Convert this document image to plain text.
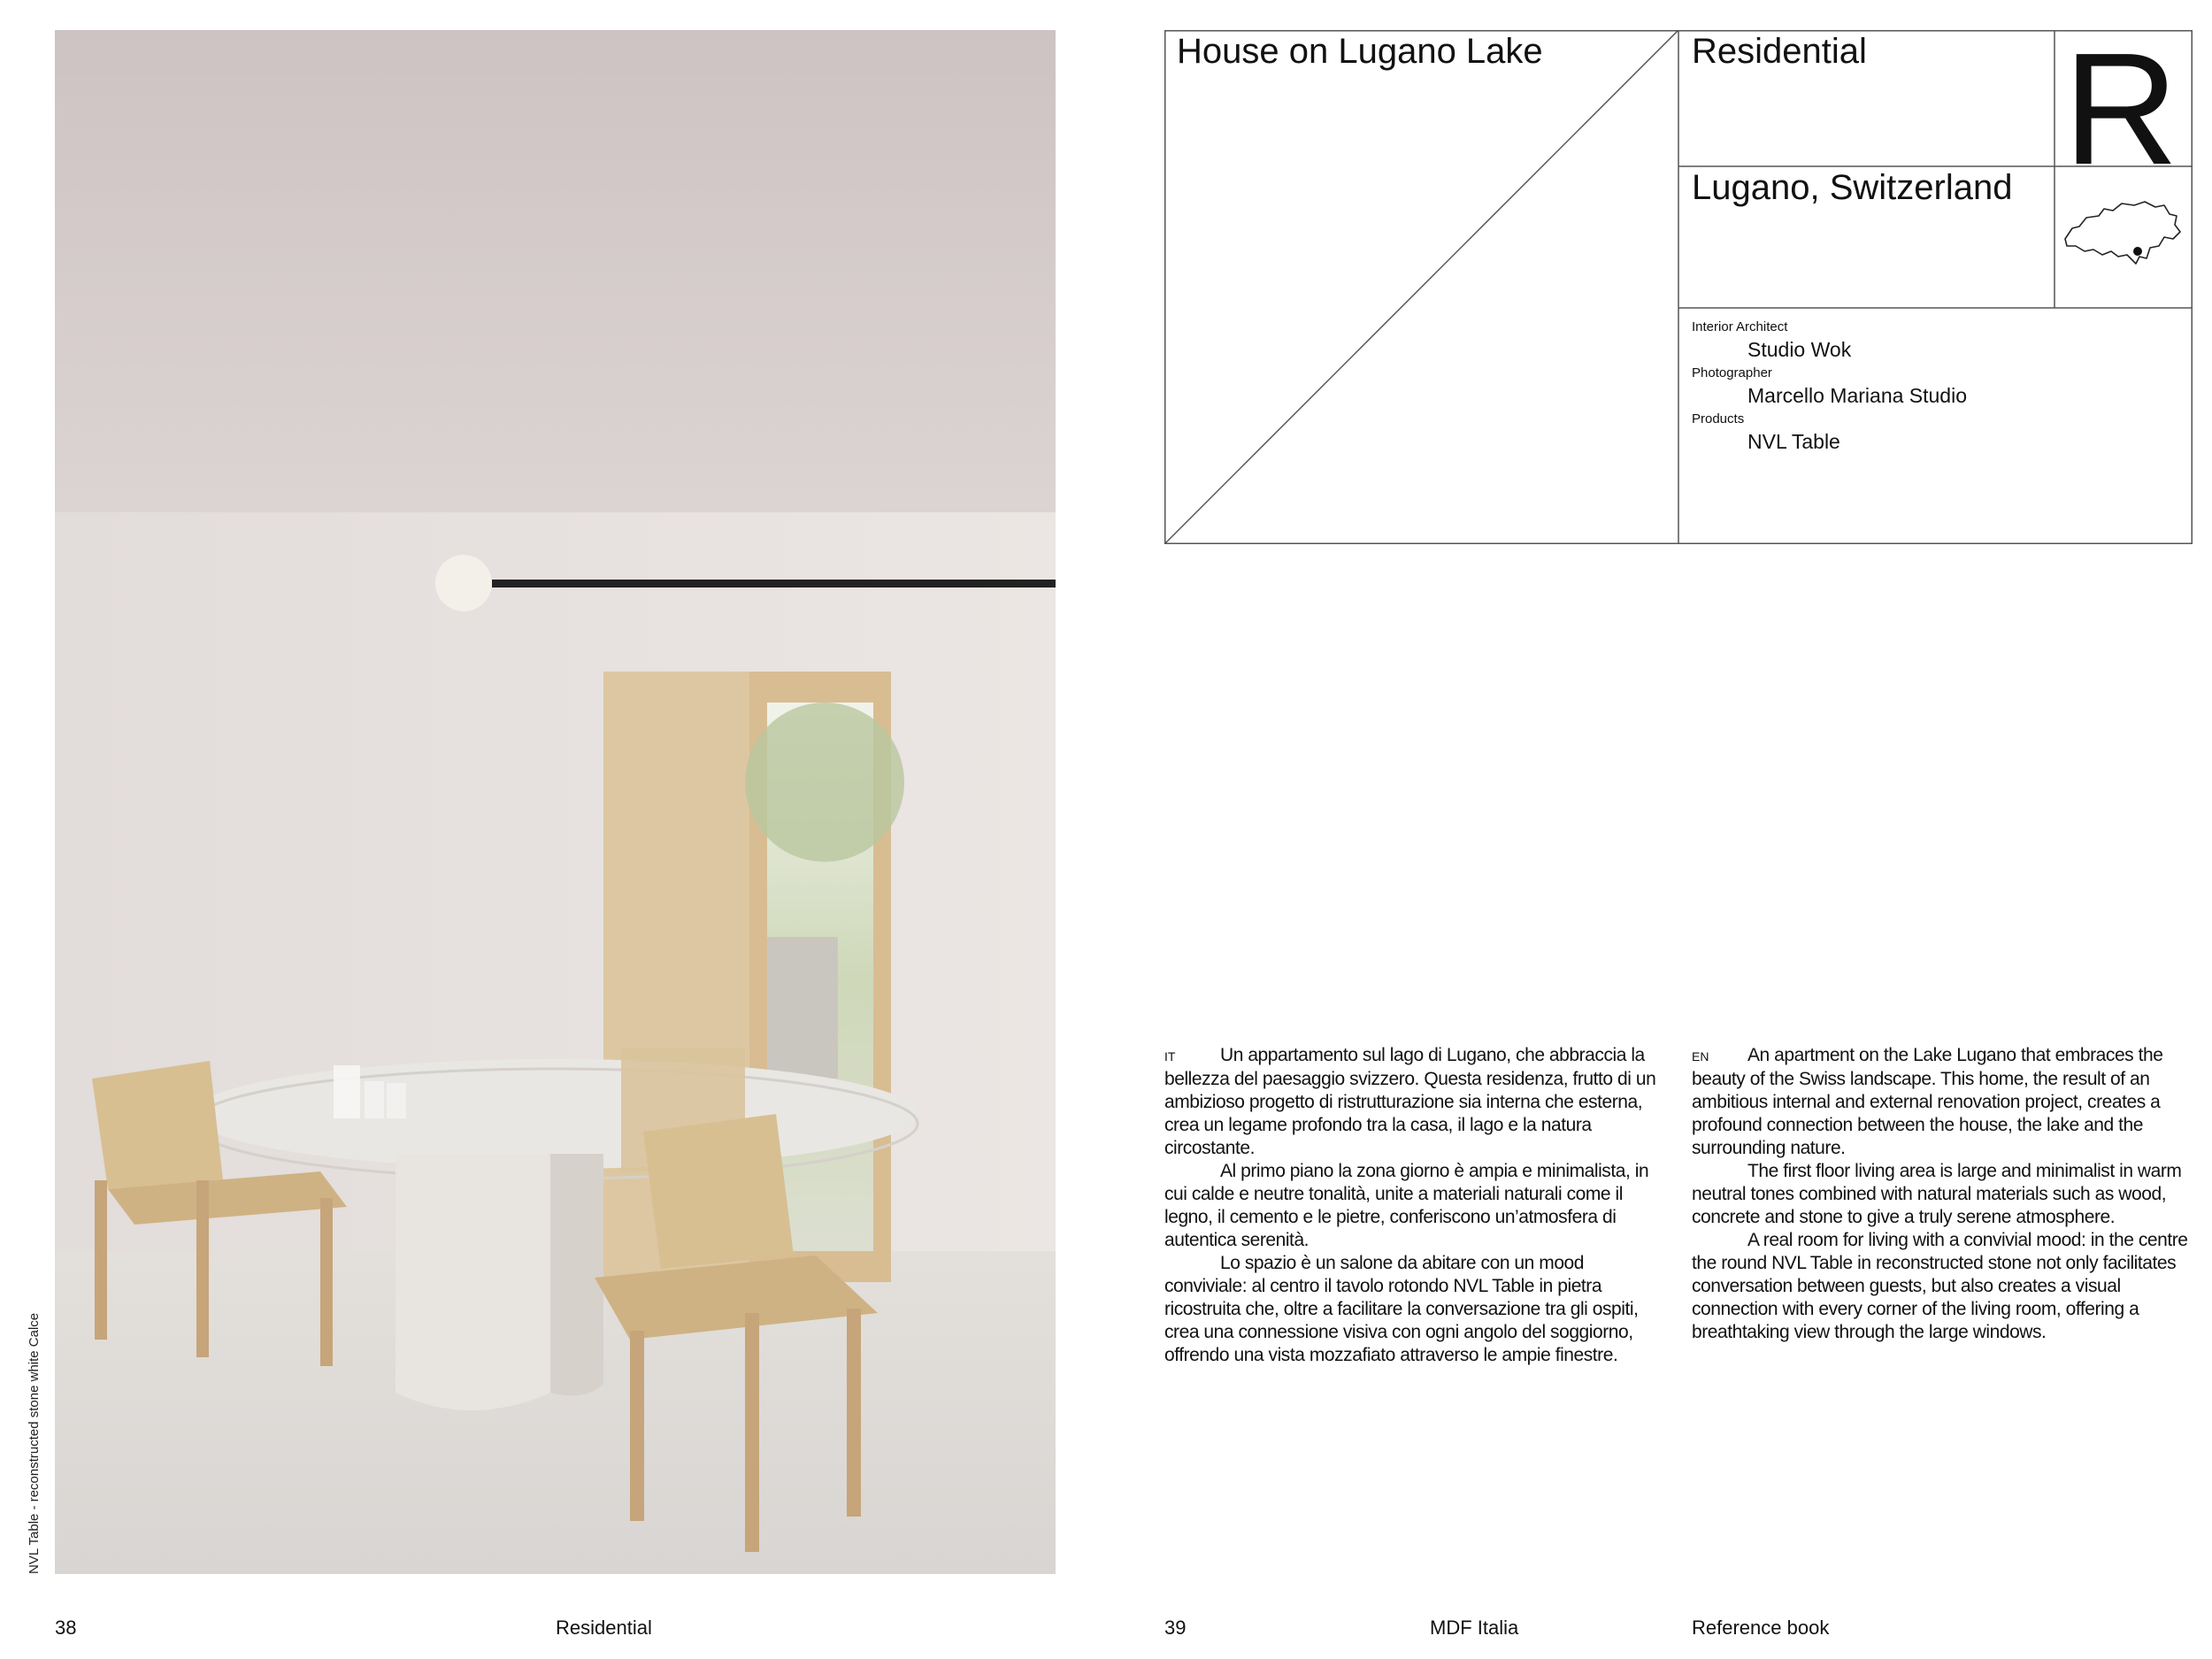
NVL Table - reconstructed stone white Calce
38	Residential
House on Lugano Lake	Residential R
Lugano, Switzerland

Interior Architect

Studio Wok

Photographer

Marcello Mariana Studio

Products

NVL Table

IT Un appartamento sul lago di Lugano, che abbraccia la bellezza del paesaggio svizzero. Questa residenza, frutto di un ambizioso progetto di ristrutturazione sia interna che esterna, crea un legame profondo tra la casa, il lago e la natura circostante.

Al primo piano la zona giorno è ampia e minimalista, in cui calde e neutre tonalità, unite a materiali naturali come il legno, il cemento e le pietre, conferiscono un’atmosfera di autentica serenità.

Lo spazio è un salone da abitare con un mood conviviale: al centro il tavolo rotondo NVL Table in pietra ricostruita che, oltre a facilitare la conversazione tra gli ospiti, crea una connessione visiva con ogni angolo del soggiorno, offrendo una vista mozzafiato attraverso le ampie finestre.

EN An apartment on the Lake Lugano that embraces the beauty of the Swiss landscape. This home, the result of an ambitious internal and external renovation project, creates a profound connection between the house, the lake and the surrounding nature.

The first floor living area is large and minimalist in warm neutral tones combined with natural materials such as wood, concrete and stone to give a truly serene atmosphere.

A real room for living with a convivial mood: in the centre the round NVL Table in reconstructed stone not only facilitates conversation between guests, but also creates a visual connection with every corner of the living room, offering a breathtaking view through the large windows.

39	MDF Italia	Reference book
